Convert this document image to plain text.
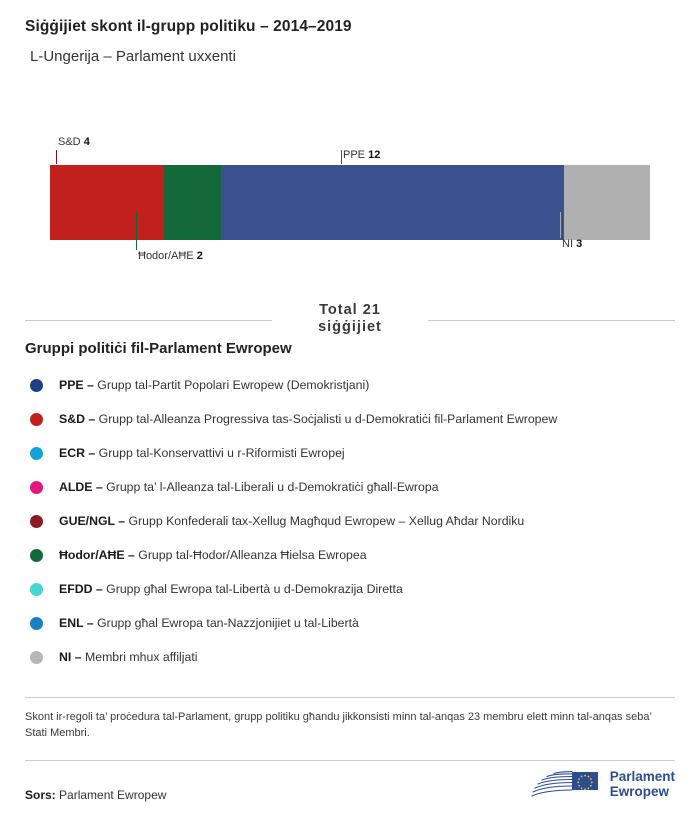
Siġġijiet skont il-grupp politiku – 2014–2019
L-Ungerija – Parlament uxxenti
S&D 4
PPE 12
Ħodor/AĦE 2
NI 3
Total 21
siġġijiet
Gruppi politiċi fil-Parlament Ewropew
PPE – Grupp tal-Partit Popolari Ewropew (Demokristjani)
S&D – Grupp tal-Alleanza Progressiva tas-Soċjalisti u d-Demokratiċi fil-Parlament Ewropew
ECR – Grupp tal-Konservattivi u r-Riformisti Ewropej
ALDE – Grupp ta’ l-Alleanza tal-Liberali u d-Demokratiċi għall-Ewropa
GUE/NGL – Grupp Konfederali tax-Xellug Magħqud Ewropew – Xellug Aħdar Nordiku
Ħodor/AĦE – Grupp tal-Ħodor/Alleanza Ħielsa Ewropea
EFDD – Grupp għal Ewropa tal-Libertà u d-Demokrazija Diretta
ENL – Grupp għal Ewropa tan-Nazzjonijiet u tal-Libertà
NI – Membri mhux affiljati
Skont ir-regoli ta’ proċedura tal-Parlament, grupp politiku għandu jikkonsisti minn tal-anqas 23 membru elett minn tal-anqas seba’ Stati Membri.
Sors: Parlament Ewropew
Parlament
Ewropew
